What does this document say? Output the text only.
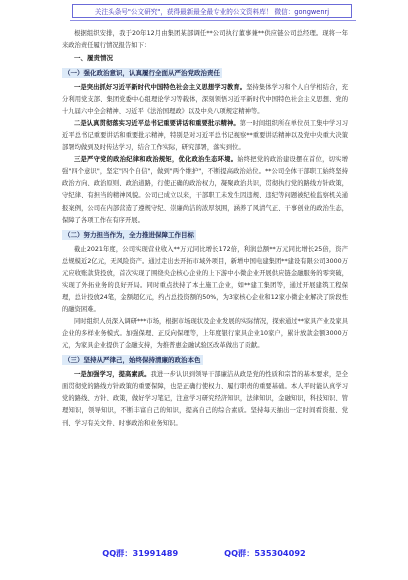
关注头条号"公文研究"，获得最新最全最专业的公文资料库！ 微信：gongwenrj

根据组织安排，我于20年12月由集团某部调任**公司执行董事兼**供应链公司总经理。现将一年来政治责任履行情况报告如下：

一、履责情况

（一）强化政治意识，认真履行全面从严治党政治责任

一是突出抓好习近平新时代中国特色社会主义思想学习教育。坚持集体学习和个人自学相结合，充分利用党支部、集团党委中心组理论学习等载体，深刻领悟习近平新时代中国特色社会主义思想、党的十九届六中全会精神、习近平《法治国理政》以及中央八项规定精神等。

二是认真贯彻落实习近平总书记重要讲话和重要批示精神。第一时间组织所在单位员工集中学习习近平总书记重要讲话和重要批示精神，特别是对习近平总书记视察**重要讲话精神以及党中央重大决策部署均做到及时传达学习，结合工作实际，研究部署，落实到位。

三是严守党的政治纪律和政治规矩，优化政治生态环境。始终把党的政治建设摆在首位，切实增强"四个意识"，坚定"四个自信"，做到"两个维护"，不断提高政治站位。**公司全体干部职工始终坚持政治方向、政治原则、政治道路，行使正确的政治权力，凝聚政治共识，贯彻执行党的路线方针政策，守纪律、有担当的精神风貌。公司已成立以来，干部职工未发生因违规、违纪等问题被纪检监察机关通报案例，公司在内部营造了遵规守纪、崇廉尚洁的浓厚氛围，涵养了风清气正、干事创业的政治生态，保障了各项工作在有序开展。

（二）努力担当作为，全力推进保障工作目标

截止2021年度，公司实现营业收入**万元同比增长172倍，利润总额**万元同比增长25倍，资产总规模近2亿元，无风险资产。通过走出去开拓市域外项目，新增中国电建集团**建设有限公司3000万元应收账款贷投放，首次实现了围绕央企核心企业的上下游中小微企业开展供应链金融服务的零突破，实现了外拓业务的良好开局。同时重点扶持了本土施工企业，如**建工集团等，通过开展建筑工程保理，总计投放24笔，金额超亿元，约占总投资额的50%，为3家核心企业和12家小微企业解决了阶段性的融资困难。

同时组织人员深入调研***市场，根据市场现状及企业发展的实际情况，探索通过**家具产业及家具企业的多样业务模式。加强保理、正反向保理等，上年度银行家具企业10家户，累计放款金额3000万元，为家具企业提供了金融支持，为推普惠金融试验区改革做出了贡献。

（三）坚持从严律己，始终保持清廉的政治本色

一是加强学习，提高素质。我进一步认识到领导干部廉洁从政是党的性质和宗旨的基本要求，是全面贯彻党的路线方针政策的重要保障，也是正确行使权力、履行职责的重要基础。本人平时能认真学习党的路线、方针、政策，做好学习笔记，注意学习研究经济知识，法律知识，金融知识，科技知识、管理知识，领导知识，不断丰富自己的知识，提高自己的综合素质。坚持每天抽出一定时间看资报、党刊、学习有关文件、时事政治和业务知识。

QQ群：31991489	QQ群：535304092
